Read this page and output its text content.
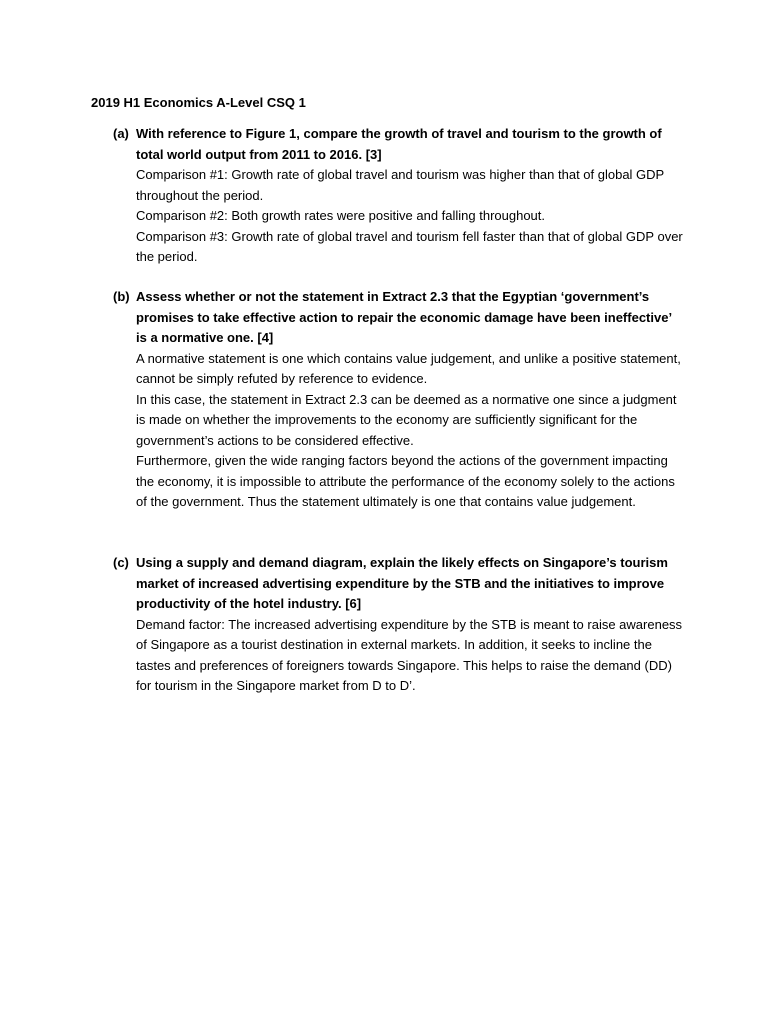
2019 H1 Economics A-Level CSQ 1
(a) With reference to Figure 1, compare the growth of travel and tourism to the growth of total world output from 2011 to 2016. [3]
Comparison #1: Growth rate of global travel and tourism was higher than that of global GDP throughout the period.
Comparison #2: Both growth rates were positive and falling throughout.
Comparison #3: Growth rate of global travel and tourism fell faster than that of global GDP over the period.
(b) Assess whether or not the statement in Extract 2.3 that the Egyptian ‘government’s promises to take effective action to repair the economic damage have been ineffective’ is a normative one. [4]
A normative statement is one which contains value judgement, and unlike a positive statement, cannot be simply refuted by reference to evidence.
In this case, the statement in Extract 2.3 can be deemed as a normative one since a judgment is made on whether the improvements to the economy are sufficiently significant for the government’s actions to be considered effective.
Furthermore, given the wide ranging factors beyond the actions of the government impacting the economy, it is impossible to attribute the performance of the economy solely to the actions of the government. Thus the statement ultimately is one that contains value judgement.
(c) Using a supply and demand diagram, explain the likely effects on Singapore’s tourism market of increased advertising expenditure by the STB and the initiatives to improve productivity of the hotel industry. [6]
Demand factor: The increased advertising expenditure by the STB is meant to raise awareness of Singapore as a tourist destination in external markets. In addition, it seeks to incline the tastes and preferences of foreigners towards Singapore. This helps to raise the demand (DD) for tourism in the Singapore market from D to D’.
